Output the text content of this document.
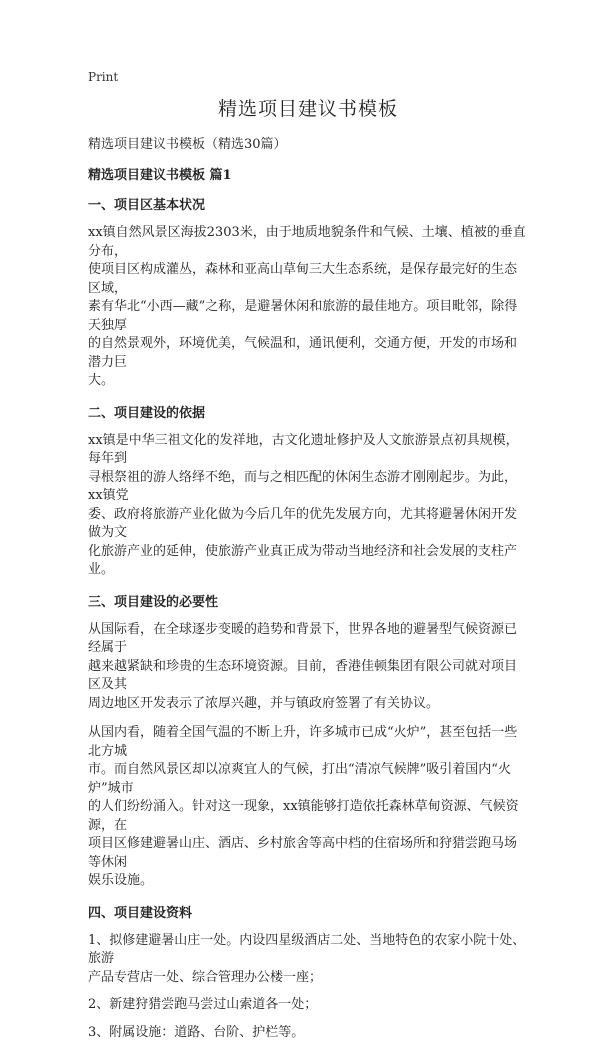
Print
精选项目建议书模板
精选项目建议书模板（精选30篇）
精选项目建议书模板 篇1
一、项目区基本状况

xx镇自然风景区海拔2303米，由于地质地貌条件和气候、土壤、植被的垂直分布，
使项目区构成灌丛，森林和亚高山草甸三大生态系统，是保存最完好的生态区域，
素有华北“小西—藏”之称，是避暑休闲和旅游的最佳地方。项目毗邻，除得天独厚
的自然景观外，环境优美，气候温和，通讯便利，交通方便，开发的市场和潜力巨
大。

二、项目建设的依据

xx镇是中华三祖文化的发祥地，古文化遗址修护及人文旅游景点初具规模，每年到
寻根祭祖的游人络绎不绝，而与之相匹配的休闲生态游才刚刚起步。为此，xx镇党
委、政府将旅游产业化做为今后几年的优先发展方向，尤其将避暑休闲开发做为文
化旅游产业的延伸，使旅游产业真正成为带动当地经济和社会发展的支柱产业。

三、项目建设的必要性

从国际看，在全球逐步变暖的趋势和背景下，世界各地的避暑型气候资源已经属于
越来越紧缺和珍贵的生态环境资源。目前，香港佳顿集团有限公司就对项目区及其
周边地区开发表示了浓厚兴趣，并与镇政府签署了有关协议。

从国内看，随着全国气温的不断上升，许多城市已成“火炉”，甚至包括一些北方城
市。而自然风景区却以凉爽宜人的气候，打出“清凉气候牌”吸引着国内“火炉”城市
的人们纷纷涌入。针对这一现象，xx镇能够打造依托森林草甸资源、气候资源，在
项目区修建避暑山庄、酒店、乡村旅舍等高中档的住宿场所和狩猎尝跑马场等休闲
娱乐设施。

四、项目建设资料

1、拟修建避暑山庄一处。内设四星级酒店二处、当地特色的农家小院十处、旅游
产品专营店一处、综合管理办公楼一座；

2、新建狩猎尝跑马尝过山索道各一处；

3、附属设施：道路、台阶、护栏等。
